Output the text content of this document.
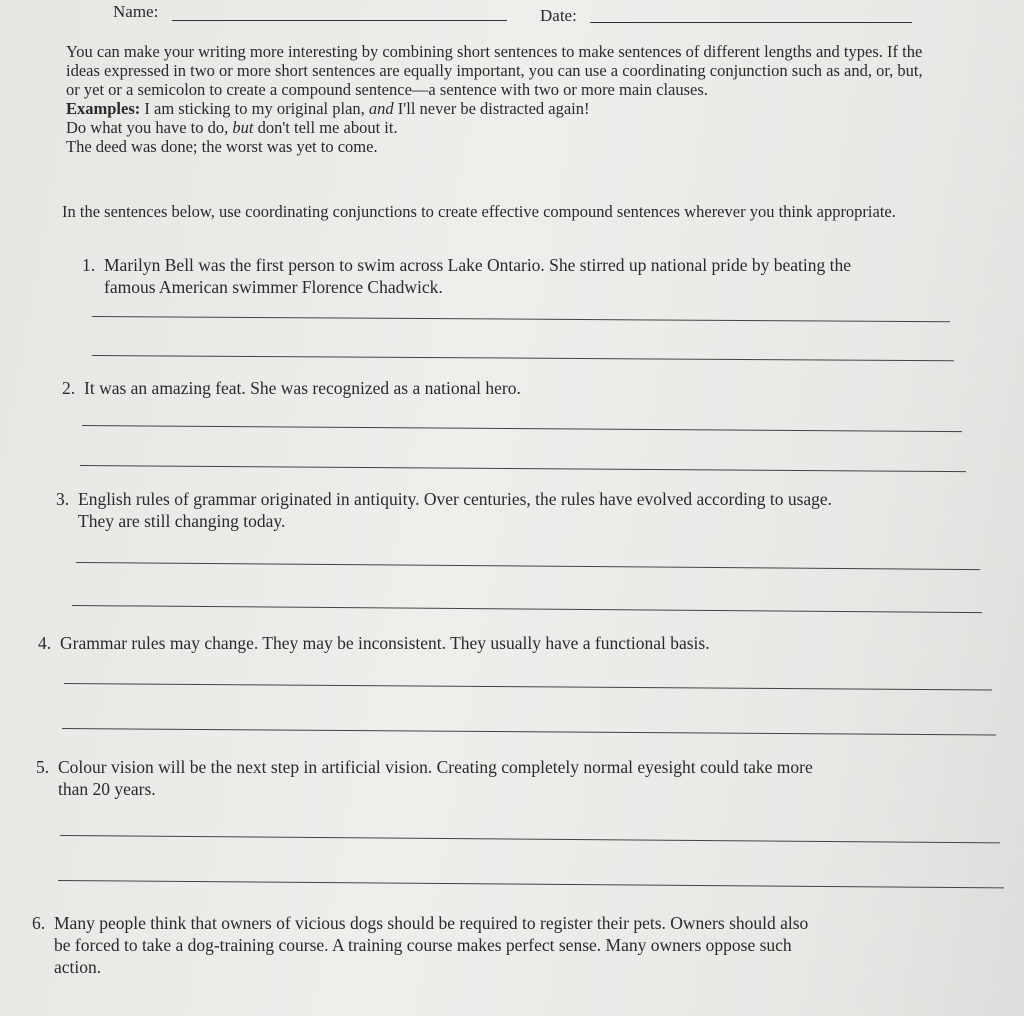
Name:	Date:

You can make your writing more interesting by combining short sentences to make sentences of different lengths and types. If the ideas expressed in two or more short sentences are equally important, you can use a coordinating conjunction such as and, or, but, or yet or a semicolon to create a compound sentence—a sentence with two or more main clauses.

Examples: I am sticking to my original plan, and I'll never be distracted again!
Do what you have to do, but don't tell me about it.
The deed was done; the worst was yet to come.
In the sentences below, use coordinating conjunctions to create effective compound sentences wherever you think appropriate.
1. Marilyn Bell was the first person to swim across Lake Ontario. She stirred up national pride by beating the
famous American swimmer Florence Chadwick.
2. It was an amazing feat. She was recognized as a national hero.
3. English rules of grammar originated in antiquity. Over centuries, the rules have evolved according to usage.
They are still changing today.
4. Grammar rules may change. They may be inconsistent. They usually have a functional basis.
5. Colour vision will be the next step in artificial vision. Creating completely normal eyesight could take more
than 20 years.
6. Many people think that owners of vicious dogs should be required to register their pets. Owners should also
be forced to take a dog-training course. A training course makes perfect sense. Many owners oppose such
action.
